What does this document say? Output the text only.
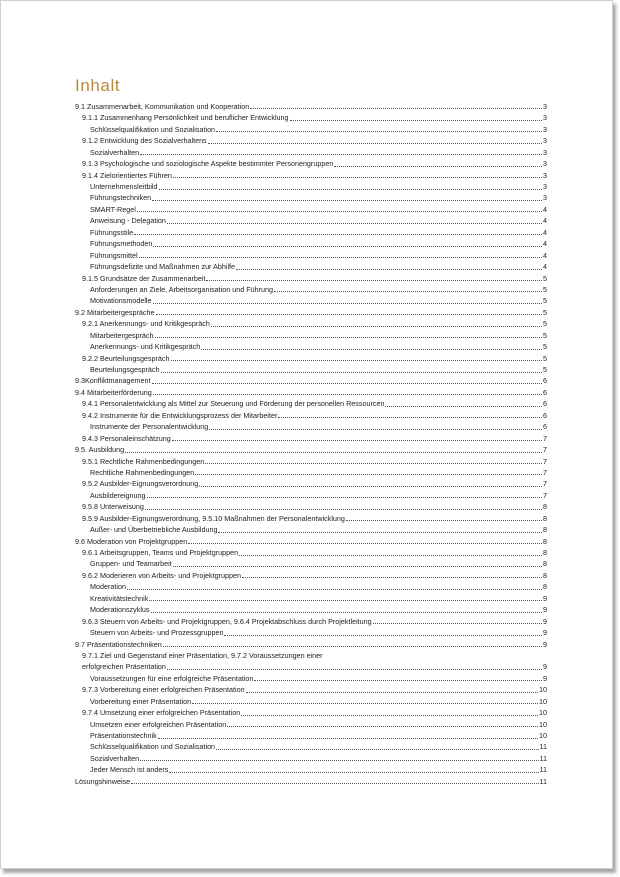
Inhalt
9.1 Zusammenarbeit, Kommunikation und Kooperation	3
9.1.1 Zusammenhang Persönlichkeit und beruflicher Entwicklung	3
Schlüsselqualifikation und Sozialisation	3
9.1.2 Entwicklung des Sozialverhaltens	3
Sozialverhalten	3
9.1.3 Psychologische und soziologische Aspekte bestimmter Personengruppen	3
9.1.4 Zielorientiertes Führen	3
Unternehmensleitbild	3
Führungstechniken	3
SMART-Regel	4
Anweisung - Delegation	4
Führungsstile	4
Führungsmethoden	4
Führungsmittel	4
Führungsdefizite und Maßnahmen zur Abhilfe	4
9.1.5 Grundsätze der Zusammenarbeit	5
Anforderungen an Ziele, Arbeitsorganisation und Führung	5
Motivationsmodelle	5
9.2 Mitarbeitergespräche	5
9.2.1 Anerkennungs- und Kritikgespräch	5
Mitarbeitergespräch	5
Anerkennungs- und Kritikgespräch	5
9.2.2 Beurteilungsgespräch	5
Beurteilungsgespräch	5
9.3Konfliktmanagement	6
9.4 Mitarbeiterförderung	6
9.4.1 Personalentwicklung als Mittel zur Steuerung und Förderung der personellen Ressourcen	6
9.4.2 Instrumente für die Entwicklungsprozess der Mitarbeiter	6
Instrumente der Personalentwicklung	6
9.4.3 Personaleinschätzung	7
9.5. Ausbildung	7
9.5.1 Rechtliche Rahmenbedingungen	7
Rechtliche Rahmenbedingungen	7
9.5.2 Ausbilder-Eignungsverordnung,	7
Ausbildereignung	7
9.5.8 Unterweisung	8
9.5.9 Ausbilder-Eignungsverordnung, 9.5.10 Maßnahmen der Personalentwicklung	8
Außer- und Überbetriebliche Ausbildung	8
9.6 Moderation von Projektgruppen	8
9.6.1 Arbeitsgruppen, Teams und Projektgruppen	8
Gruppen- und Teamarbeit	8
9.6.2 Moderieren von Arbeits- und Projektgruppen	8
Moderation	8
Kreativitätstechnik	9
Moderationszyklus	9
9.6.3 Steuern von Arbeits- und Projektgruppen, 9.6.4 Projektabschluss durch Projektleitung	9
Steuern von Arbeits- und Prozessgruppen	9
9.7 Präsentationstechniken	9
9.7.1 Ziel und Gegenstand einer Präsentation, 9.7.2 Voraussetzungen einer
erfolgreichen Präsentation	9
Voraussetzungen für eine erfolgreiche Präsentation	9
9.7.3 Vorbereitung einer erfolgreichen Präsentation	10
Vorbereitung einer Präsentation	10
9.7.4 Umsetzung einer erfolgreichen Präsentation	10
Umsetzen einer erfolgreichen Präsentation	10
Präsentationstechnik	10
Schlüsselqualifikation und Sozialisation	11
Sozialverhalten	11
Jeder Mensch ist anders	11
Lösungshinweise	11
